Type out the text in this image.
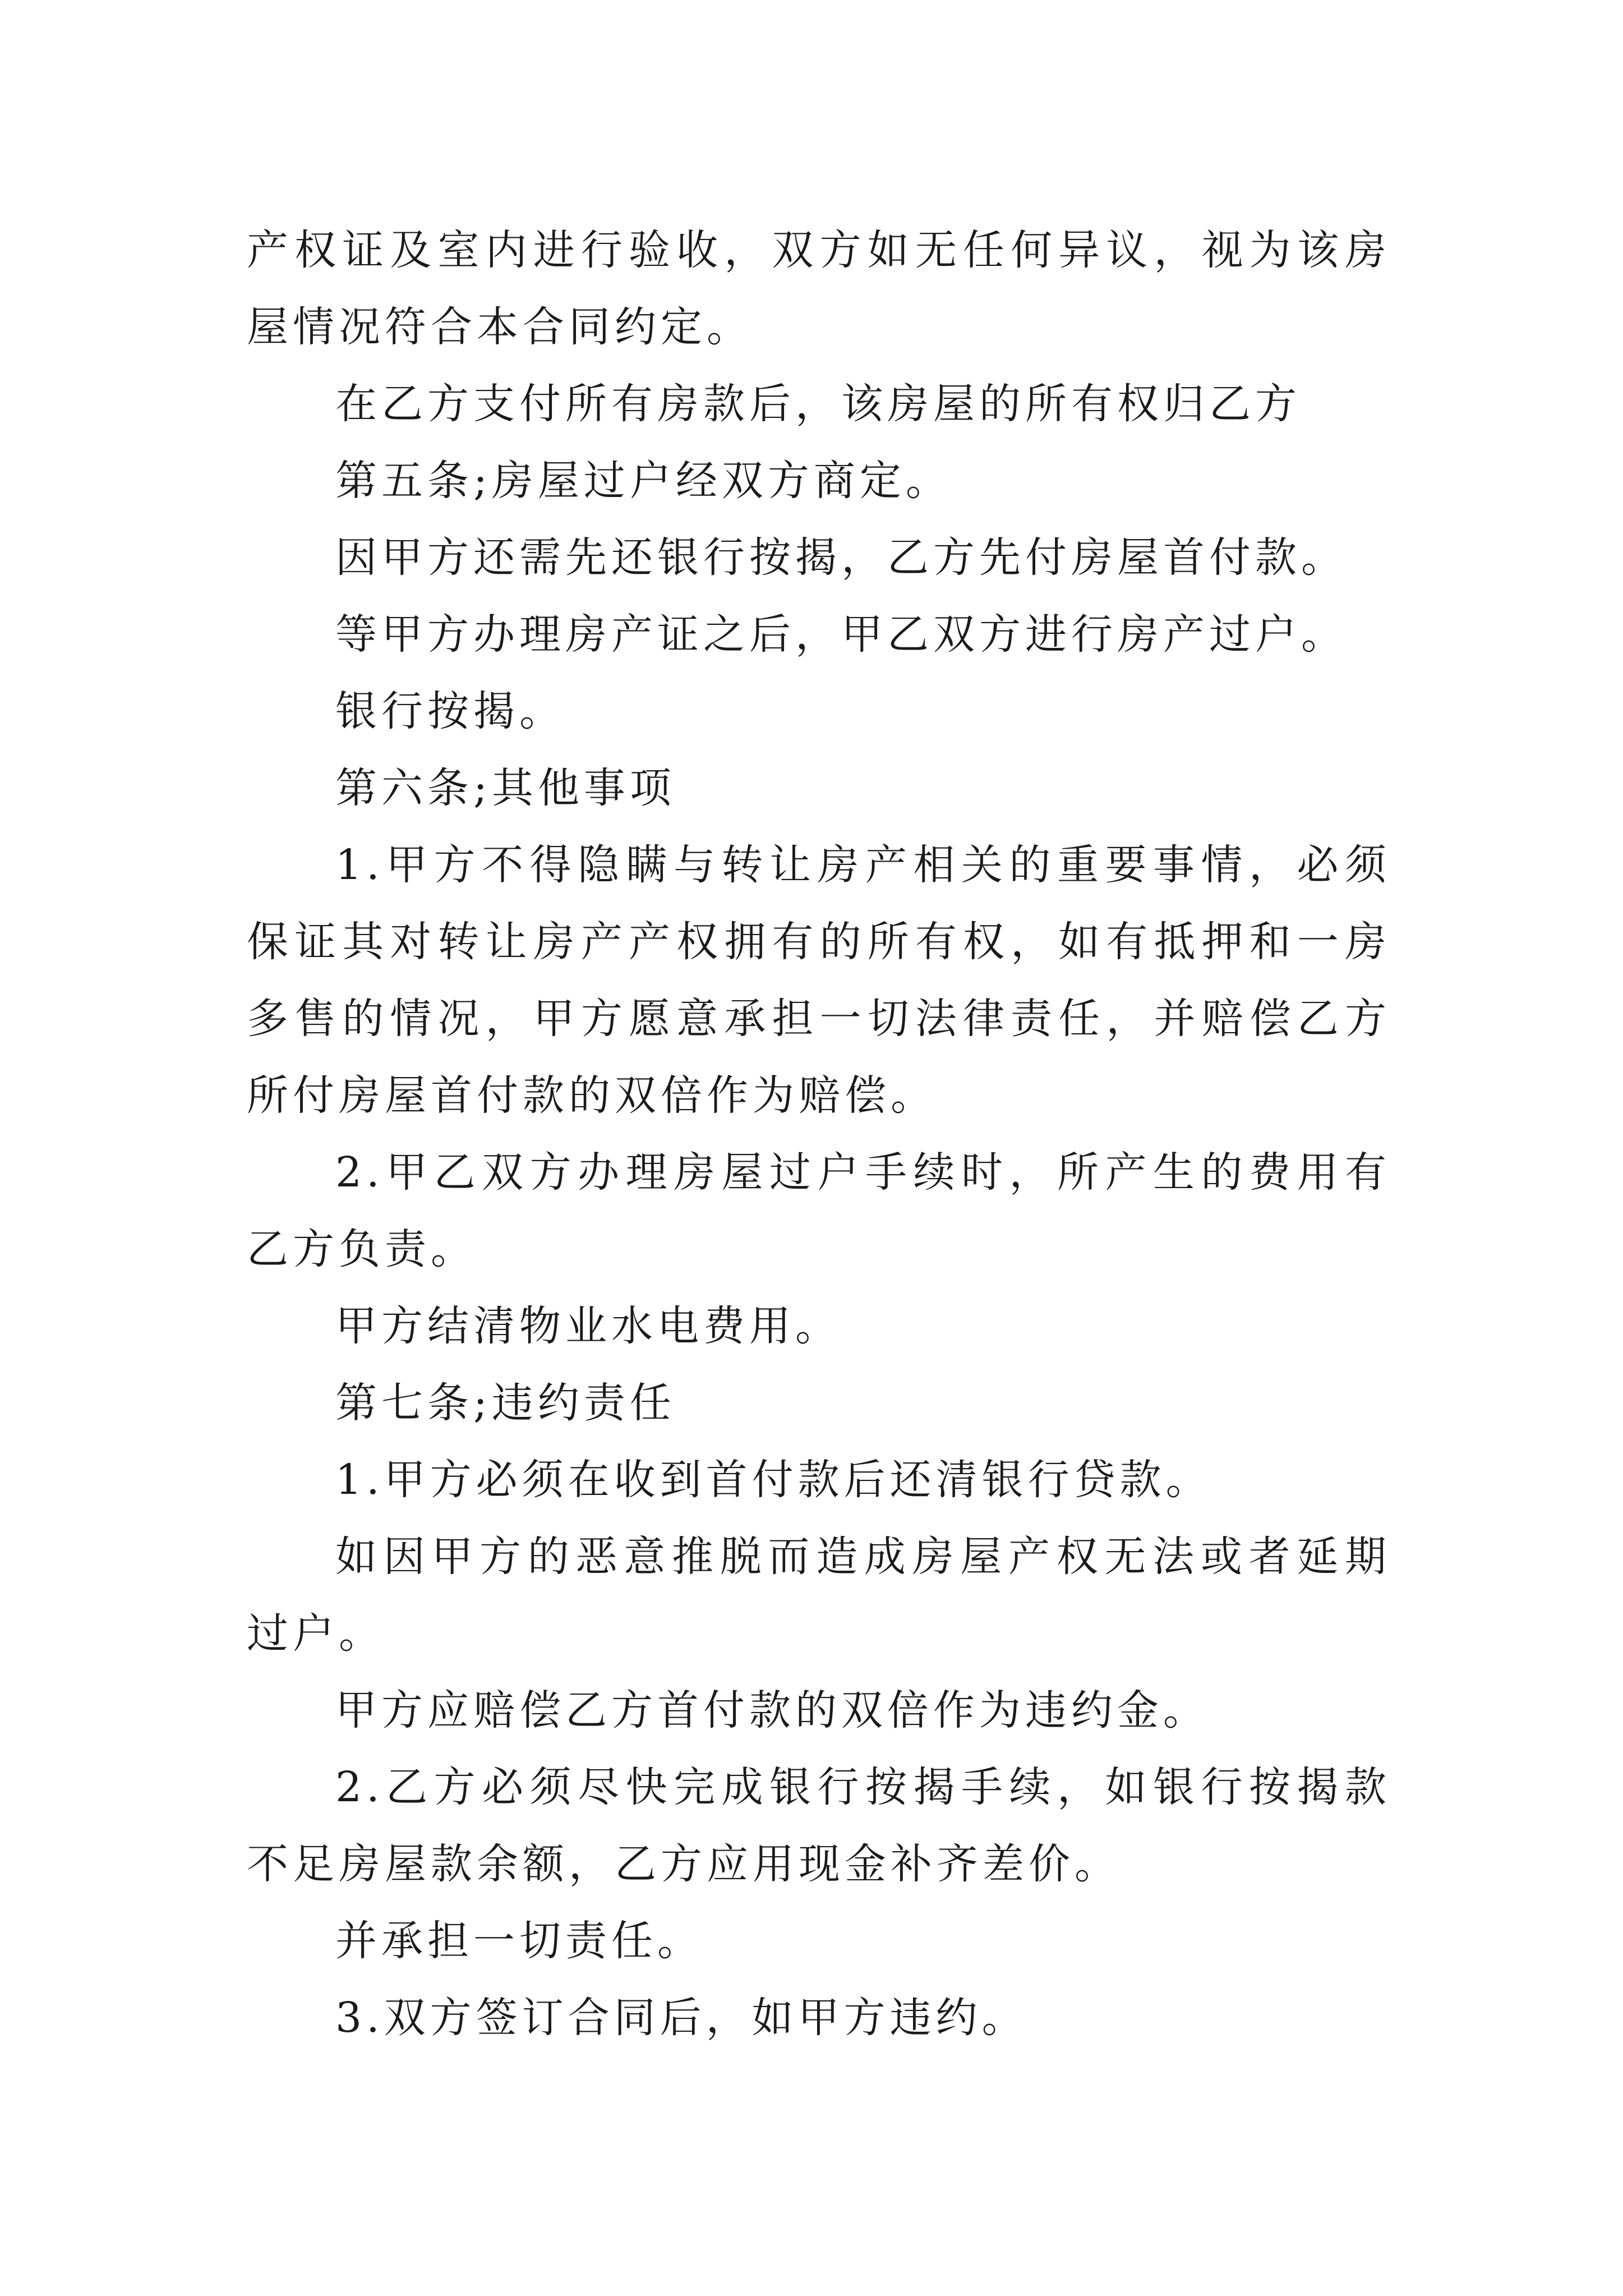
产权证及室内进行验收，双方如无任何异议，视为该房屋情况符合本合同约定。

在乙方支付所有房款后，该房屋的所有权归乙方

第五条;房屋过户经双方商定。

因甲方还需先还银行按揭，乙方先付房屋首付款。

等甲方办理房产证之后，甲乙双方进行房产过户。

银行按揭。

第六条;其他事项

1.甲方不得隐瞒与转让房产相关的重要事情，必须保证其对转让房产产权拥有的所有权，如有抵押和一房多售的情况，甲方愿意承担一切法律责任，并赔偿乙方所付房屋首付款的双倍作为赔偿。

2.甲乙双方办理房屋过户手续时，所产生的费用有乙方负责。

甲方结清物业水电费用。

第七条;违约责任

1.甲方必须在收到首付款后还清银行贷款。

如因甲方的恶意推脱而造成房屋产权无法或者延期过户。

甲方应赔偿乙方首付款的双倍作为违约金。

2.乙方必须尽快完成银行按揭手续，如银行按揭款不足房屋款余额，乙方应用现金补齐差价。

并承担一切责任。

3.双方签订合同后，如甲方违约。
